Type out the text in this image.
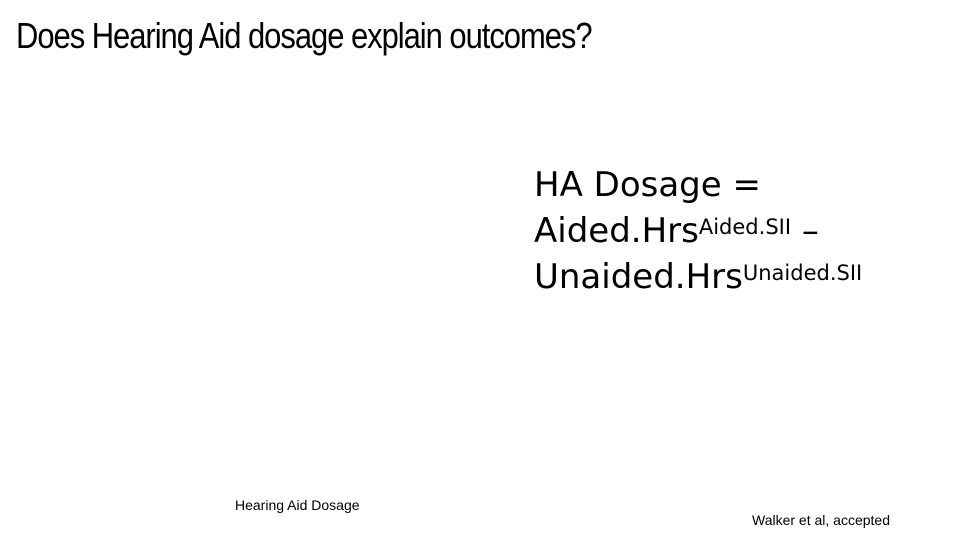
Does Hearing Aid dosage explain outcomes?
HA Dosage =
Aided.Hrs$^{Aided.SII}$ –
Unaided.Hrs$^{Unaided.SII}$
Hearing Aid Dosage
Walker et al, accepted
